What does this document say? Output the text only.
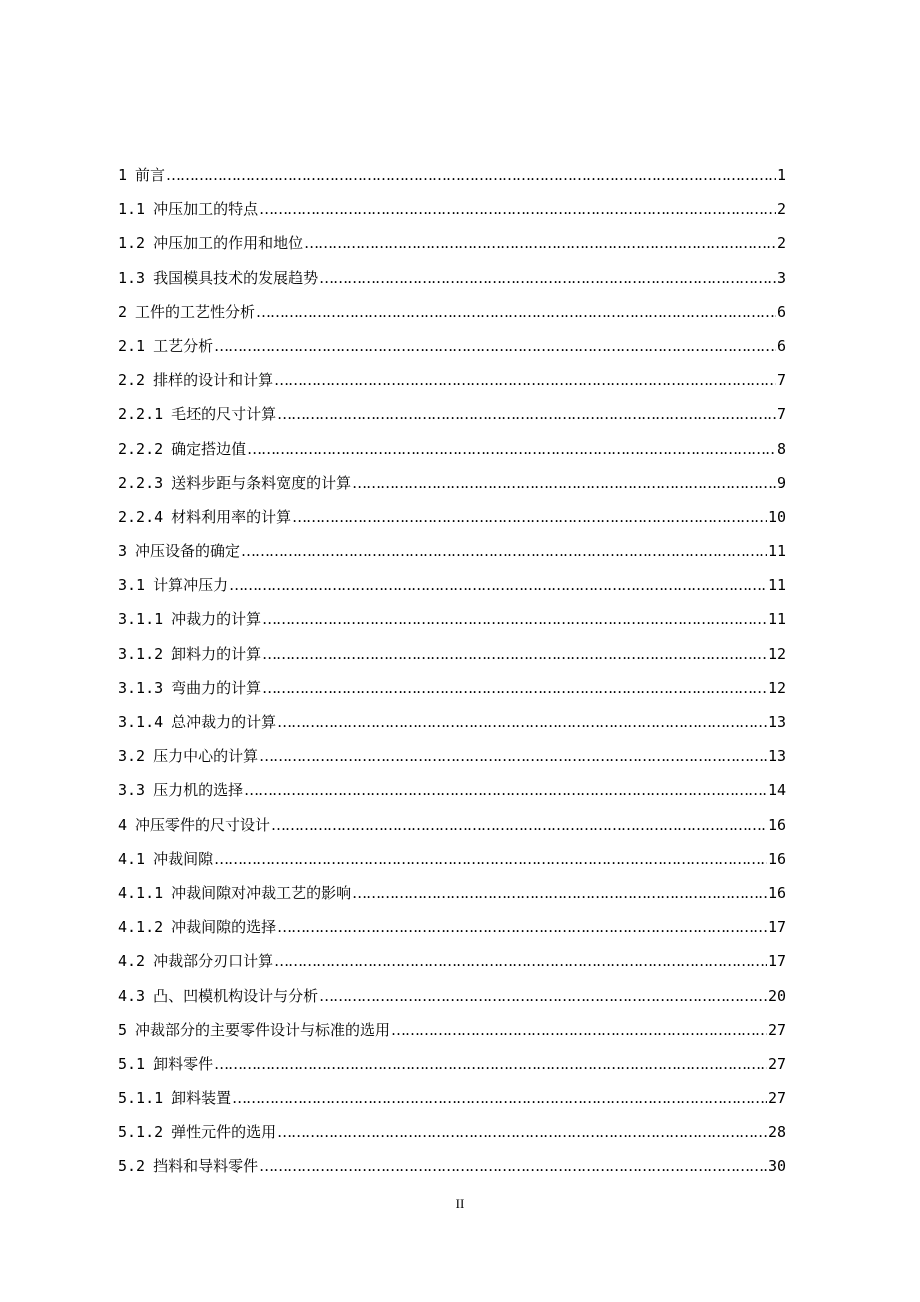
1 前言 …………………………………………………………………………………………………………………………………………………………………………………………	1
1.1 冲压加工的特点 …………………………………………………………………………………………………………………………………………………………………………………………	2
1.2 冲压加工的作用和地位 …………………………………………………………………………………………………………………………………………………………………………………………	2
1.3 我国模具技术的发展趋势 …………………………………………………………………………………………………………………………………………………………………………………………	3
2 工件的工艺性分析 …………………………………………………………………………………………………………………………………………………………………………………………	6
2.1 工艺分析 …………………………………………………………………………………………………………………………………………………………………………………………	6
2.2 排样的设计和计算 …………………………………………………………………………………………………………………………………………………………………………………………	7
2.2.1 毛坯的尺寸计算 …………………………………………………………………………………………………………………………………………………………………………………………	7
2.2.2 确定搭边值 …………………………………………………………………………………………………………………………………………………………………………………………	8
2.2.3 送料步距与条料宽度的计算 …………………………………………………………………………………………………………………………………………………………………………………………	9
2.2.4 材料利用率的计算 …………………………………………………………………………………………………………………………………………………………………………………………	10
3 冲压设备的确定 …………………………………………………………………………………………………………………………………………………………………………………………	11
3.1 计算冲压力 …………………………………………………………………………………………………………………………………………………………………………………………	11
3.1.1 冲裁力的计算 …………………………………………………………………………………………………………………………………………………………………………………………	11
3.1.2 卸料力的计算 …………………………………………………………………………………………………………………………………………………………………………………………	12
3.1.3 弯曲力的计算 …………………………………………………………………………………………………………………………………………………………………………………………	12
3.1.4 总冲裁力的计算 …………………………………………………………………………………………………………………………………………………………………………………………	13
3.2 压力中心的计算 …………………………………………………………………………………………………………………………………………………………………………………………	13
3.3 压力机的选择 …………………………………………………………………………………………………………………………………………………………………………………………	14
4 冲压零件的尺寸设计 …………………………………………………………………………………………………………………………………………………………………………………………	16
4.1 冲裁间隙 …………………………………………………………………………………………………………………………………………………………………………………………	16
4.1.1 冲裁间隙对冲裁工艺的影响 …………………………………………………………………………………………………………………………………………………………………………………………	16
4.1.2 冲裁间隙的选择 …………………………………………………………………………………………………………………………………………………………………………………………	17
4.2 冲裁部分刃口计算 …………………………………………………………………………………………………………………………………………………………………………………………	17
4.3 凸、凹模机构设计与分析 …………………………………………………………………………………………………………………………………………………………………………………………	20
5 冲裁部分的主要零件设计与标准的选用 …………………………………………………………………………………………………………………………………………………………………………………………	27
5.1 卸料零件 …………………………………………………………………………………………………………………………………………………………………………………………	27
5.1.1 卸料装置 …………………………………………………………………………………………………………………………………………………………………………………………	27
5.1.2 弹性元件的选用 …………………………………………………………………………………………………………………………………………………………………………………………	28
5.2 挡料和导料零件 …………………………………………………………………………………………………………………………………………………………………………………………	30
II
